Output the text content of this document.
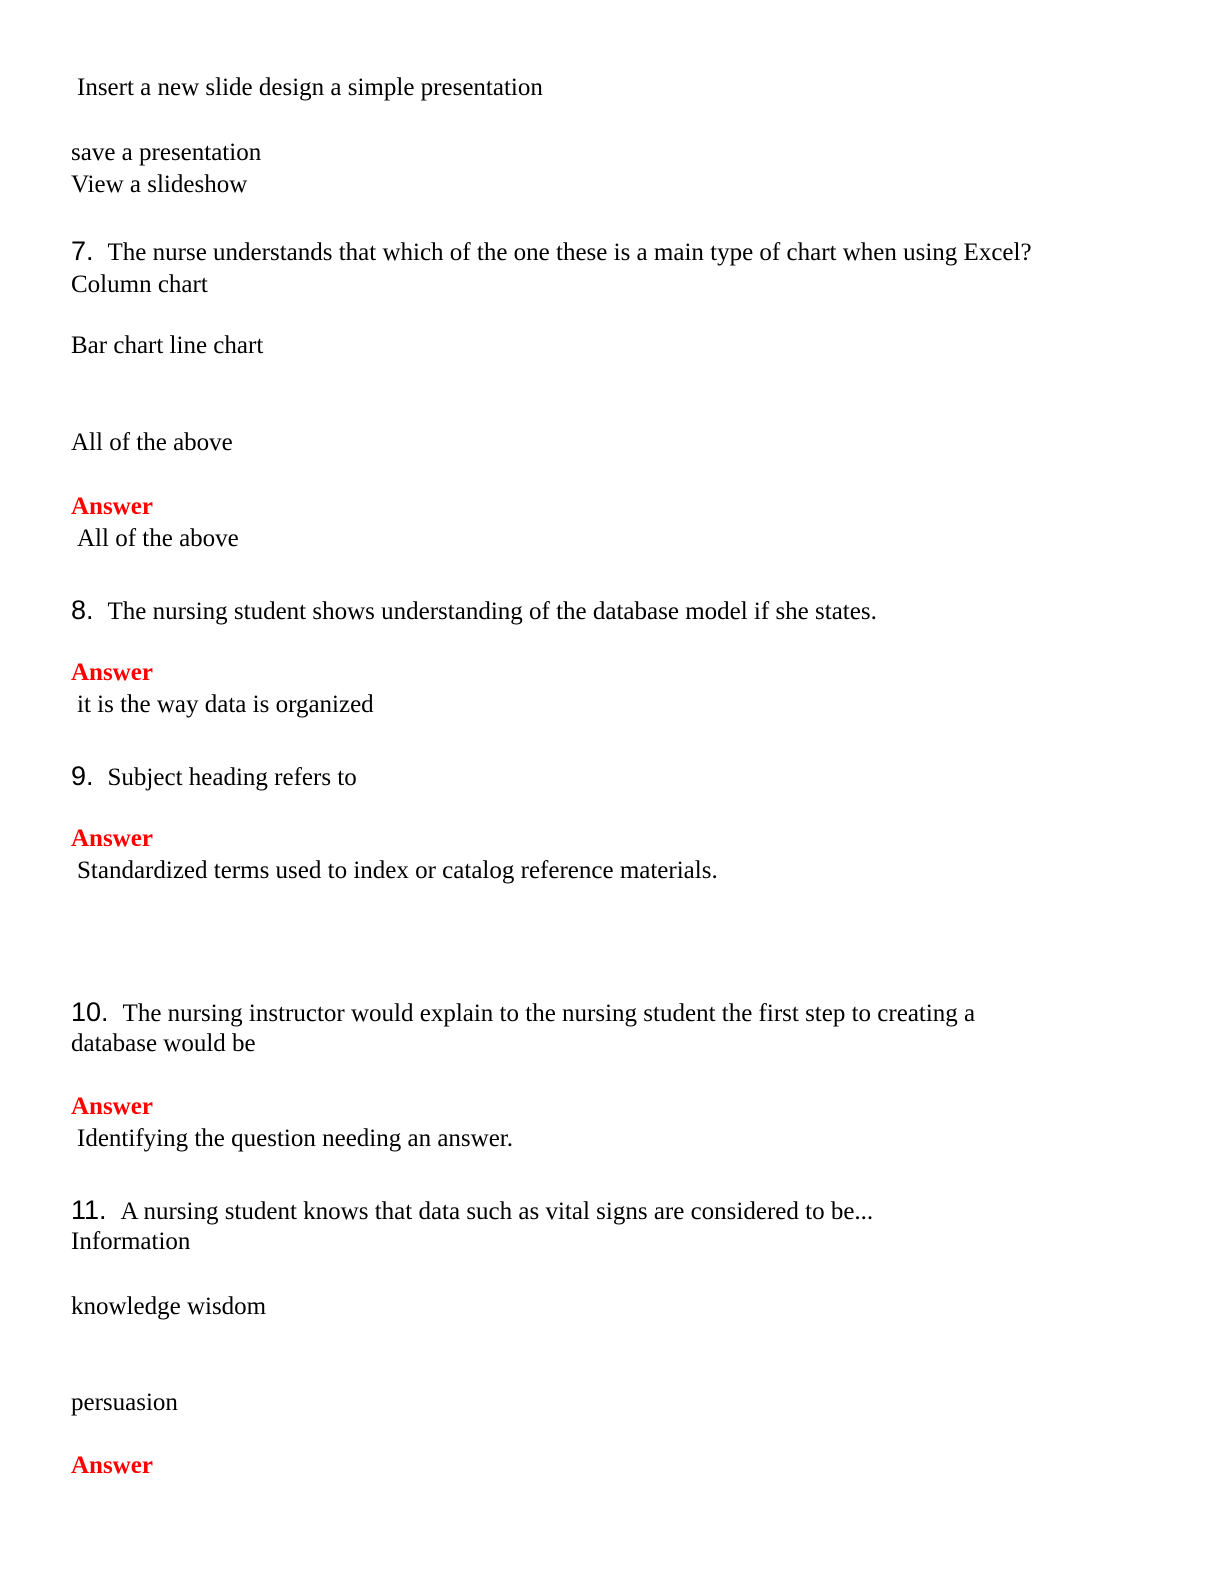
Insert a new slide design a simple presentation
save a presentation
View a slideshow
7. The nurse understands that which of the one these is a main type of chart when using Excel?
Column chart
Bar chart line chart
All of the above
Answer
All of the above
8. The nursing student shows understanding of the database model if she states.
Answer
it is the way data is organized
9. Subject heading refers to
Answer
Standardized terms used to index or catalog reference materials.
10. The nursing instructor would explain to the nursing student the first step to creating a
database would be
Answer
Identifying the question needing an answer.
11. A nursing student knows that data such as vital signs are considered to be...
Information
knowledge wisdom
persuasion
Answer
